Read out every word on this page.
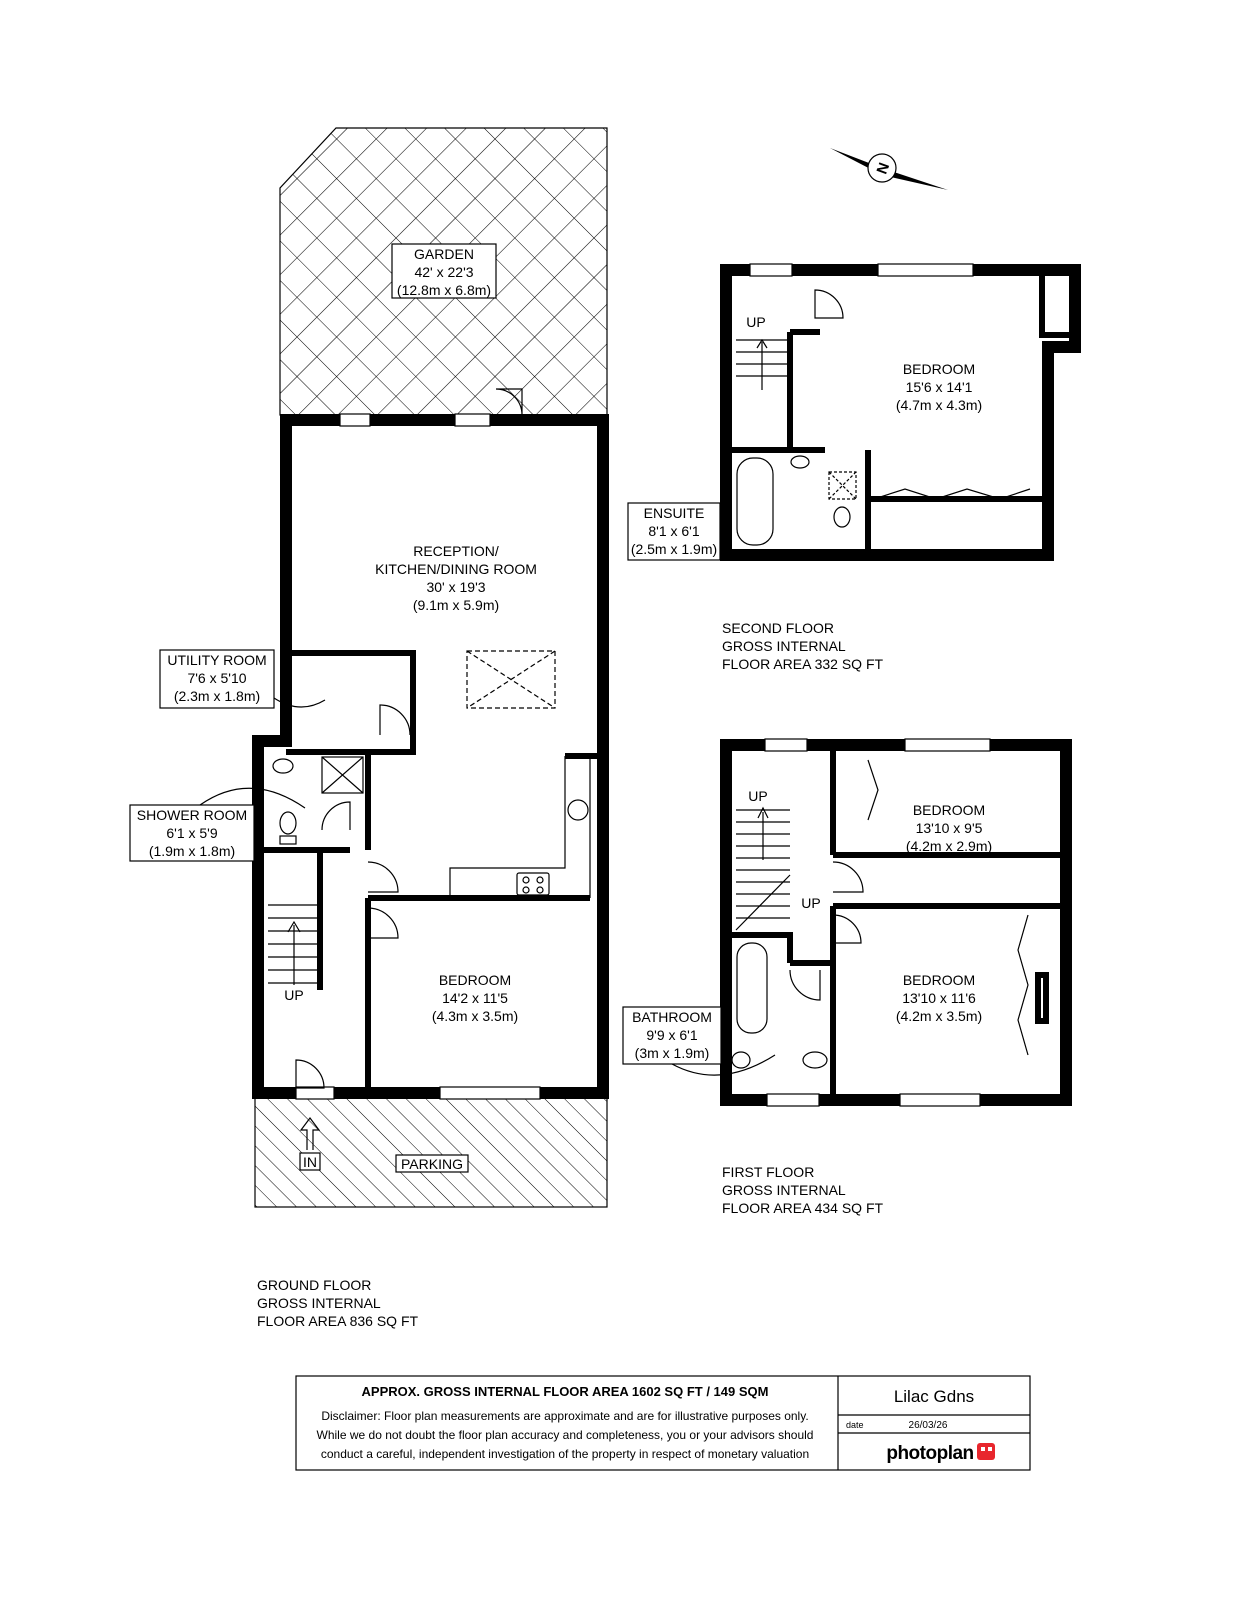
GARDEN
42' x 22'3
(12.8m x 6.8m)
RECEPTION/
KITCHEN/DINING ROOM
30' x 19'3
(9.1m x 5.9m)
UTILITY ROOM
7'6 x 5'10
(2.3m x 1.8m)
SHOWER ROOM
6'1 x 5'9
(1.9m x 1.8m)
BEDROOM
14'2 x 11'5
(4.3m x 3.5m)
UP
IN	PARKING
GROUND FLOOR
GROSS INTERNAL
FLOOR AREA 836 SQ FT
UP
BEDROOM
15'6 x 14'1
(4.7m x 4.3m)
ENSUITE
8'1 x 6'1
(2.5m x 1.9m)
SECOND FLOOR
GROSS INTERNAL
FLOOR AREA 332 SQ FT
UP
UP
BEDROOM
13'10 x 9'5
(4.2m x 2.9m)
BEDROOM
13'10 x 11'6
(4.2m x 3.5m)
BATHROOM
9'9 x 6'1
(3m x 1.9m)
FIRST FLOOR
GROSS INTERNAL
FLOOR AREA 434 SQ FT
N
APPROX. GROSS INTERNAL FLOOR AREA 1602 SQ FT / 149 SQM
Disclaimer: Floor plan measurements are approximate and are for illustrative purposes only.
While we do not doubt the floor plan accuracy and completeness, you or your advisors should
conduct a careful, independent investigation of the property in respect of monetary valuation
Lilac Gdns
date	26/03/26
photoplan
